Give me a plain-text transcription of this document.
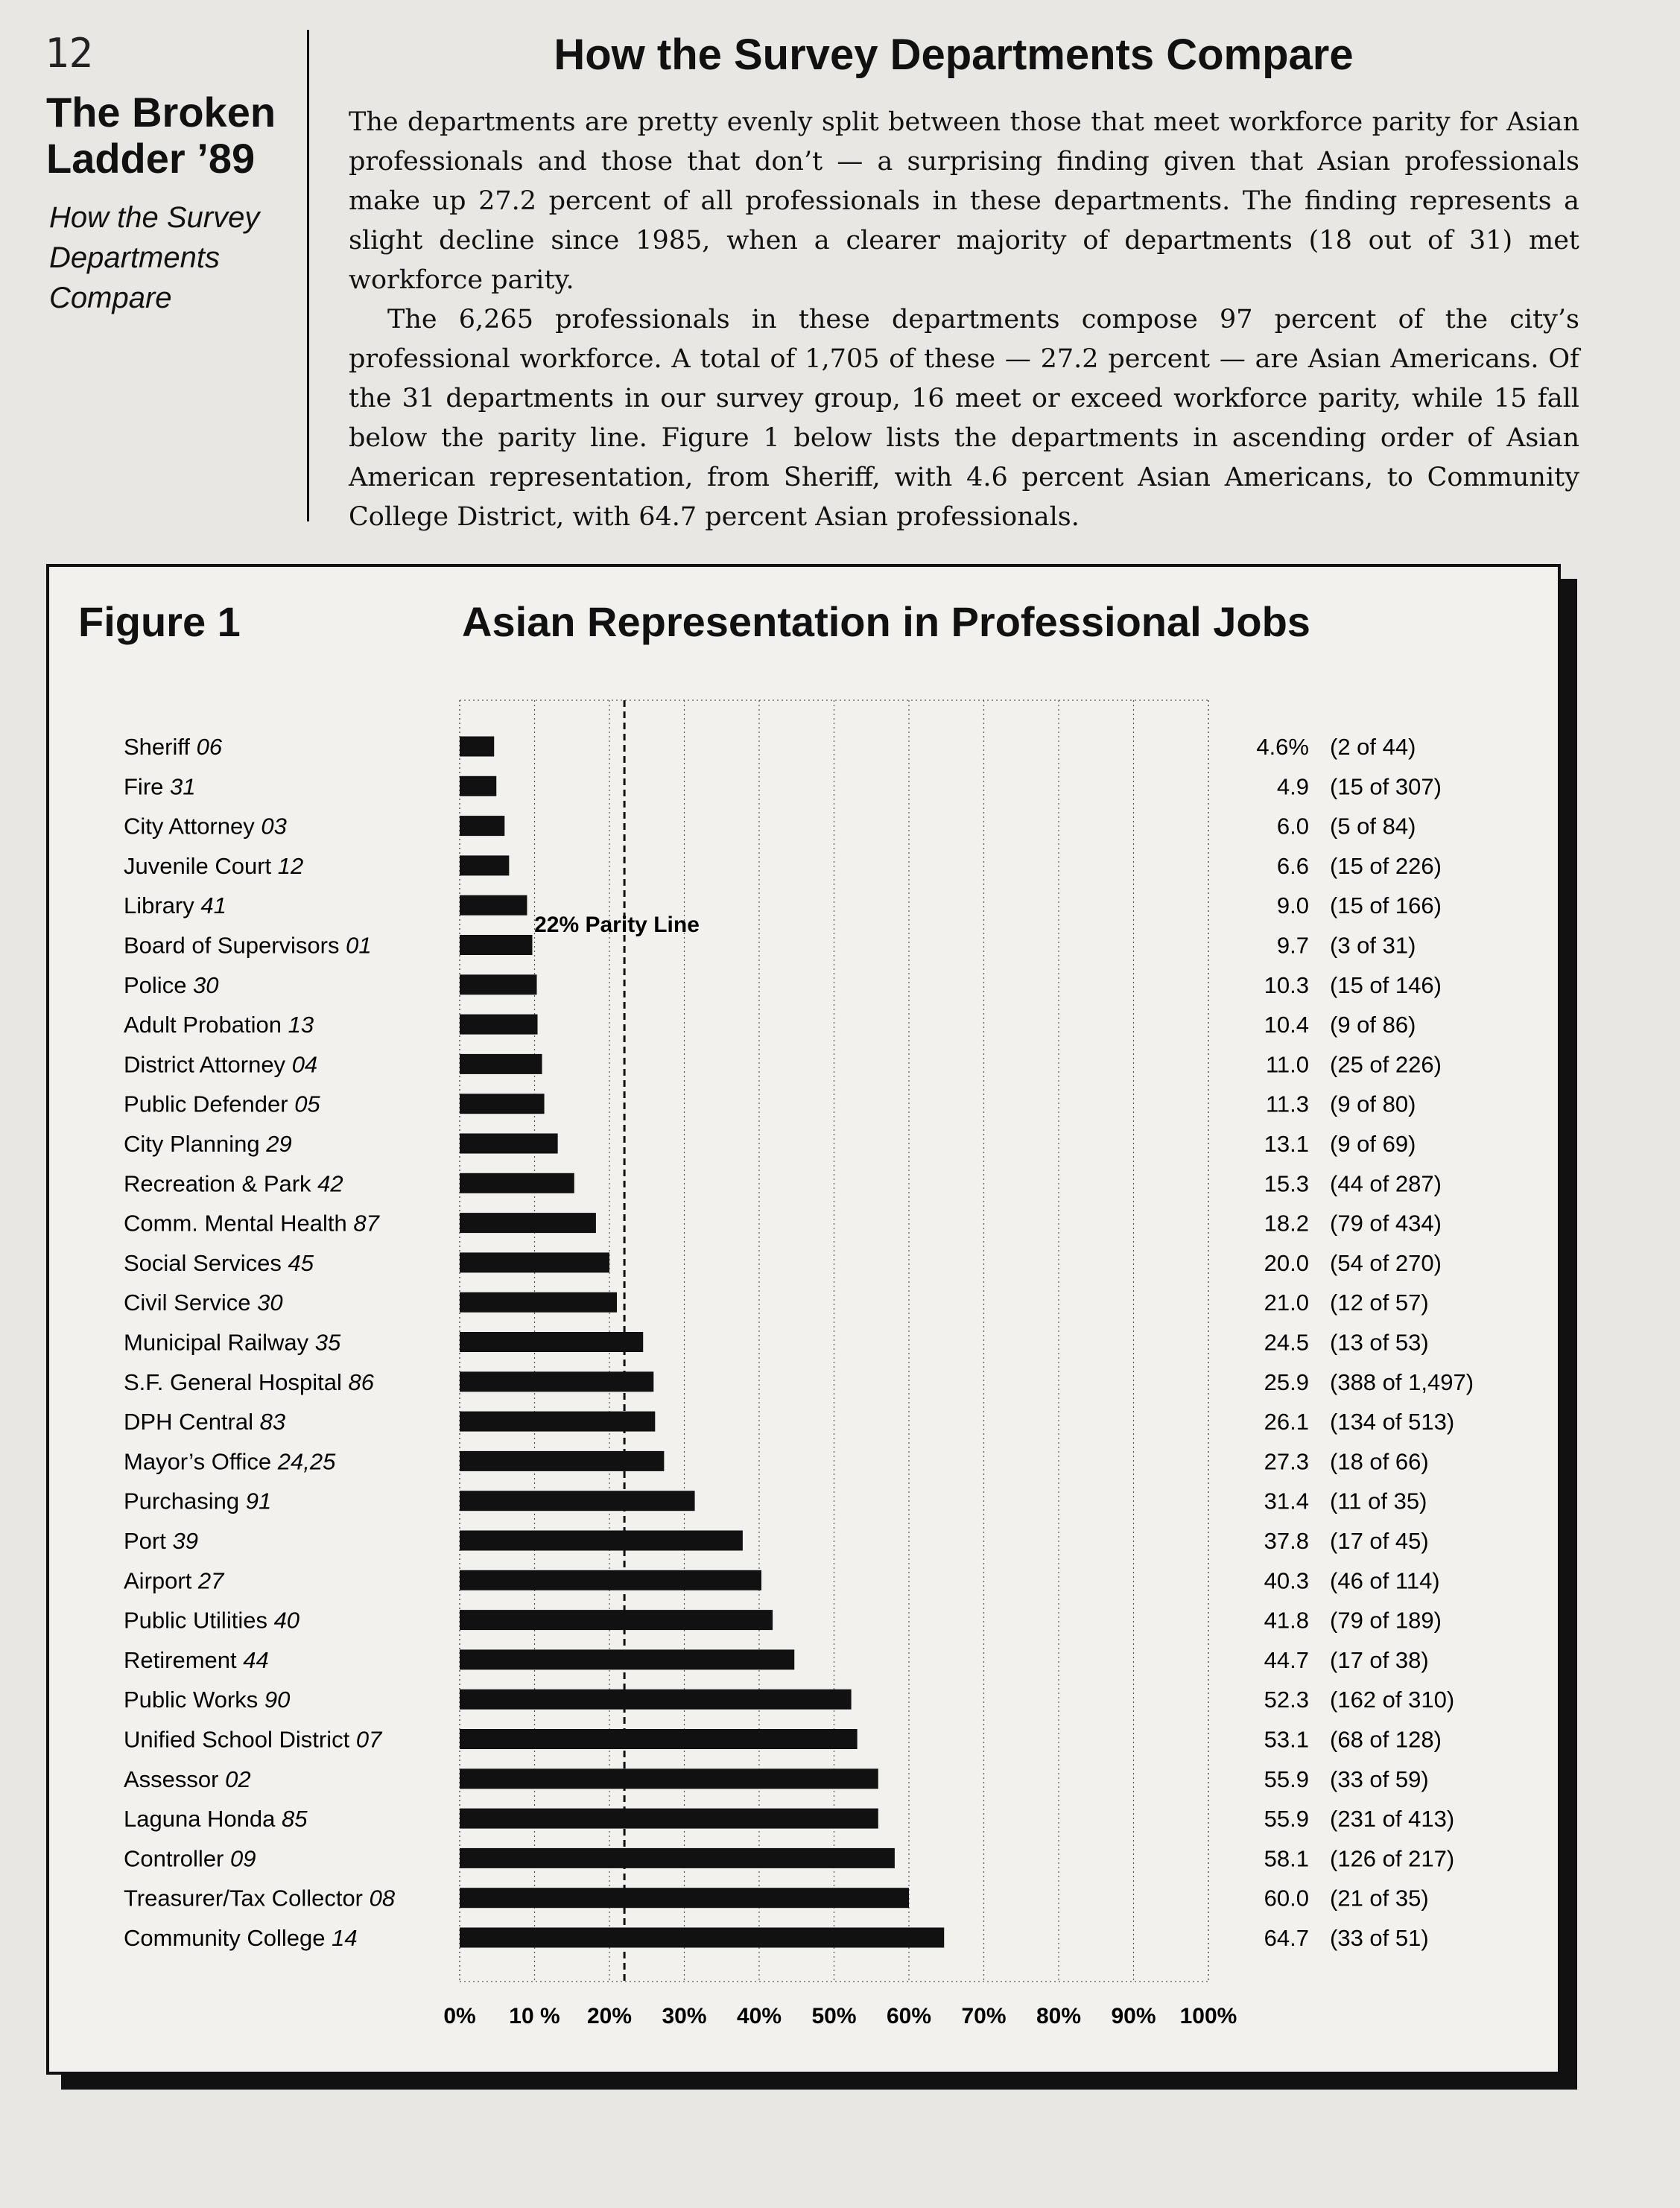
12
The Broken Ladder ’89
How the Survey Departments Compare
How the Survey Departments Compare

The departments are pretty evenly split between those that meet workforce parity for Asian professionals and those that don’t — a surprising finding given that Asian professionals make up 27.2 percent of all professionals in these departments. The finding represents a slight decline since 1985, when a clearer majority of departments (18 out of 31) met workforce parity.

The 6,265 professionals in these departments compose 97 percent of the city’s professional workforce. A total of 1,705 of these — 27.2 percent — are Asian Americans. Of the 31 departments in our survey group, 16 meet or exceed workforce parity, while 15 fall below the parity line. Figure 1 below lists the departments in ascending order of Asian American representation, from Sheriff, with 4.6 percent Asian Americans, to Community College District, with 64.7 percent Asian professionals.

Figure 1	Asian Representation in Professional Jobs
Sheriff 06
Fire 31
City Attorney 03
Juvenile Court 12
Library 41
Board of Supervisors 01
Police 30
Adult Probation 13
District Attorney 04
Public Defender 05
City Planning 29
Recreation & Park 42
Comm. Mental Health 87
Social Services 45
Civil Service 30
Municipal Railway 35
S.F. General Hospital 86
DPH Central 83
Mayor’s Office 24,25
Purchasing 91
Port 39
Airport 27
Public Utilities 40
Retirement 44
Public Works 90
Unified School District 07
Assessor 02
Laguna Honda 85
Controller 09
Treasurer/Tax Collector 08
Community College 14
4.6% (2 of 44)
4.9 (15 of 307)
6.0 (5 of 84)
6.6 (15 of 226)
9.0 (15 of 166)
9.7 (3 of 31)
10.3 (15 of 146)
10.4 (9 of 86)
11.0 (25 of 226)
11.3 (9 of 80)
13.1 (9 of 69)
15.3 (44 of 287)
18.2 (79 of 434)
20.0 (54 of 270)
21.0 (12 of 57)
24.5 (13 of 53)
25.9 (388 of 1,497)
26.1 (134 of 513)
27.3 (18 of 66)
31.4 (11 of 35)
37.8 (17 of 45)
40.3 (46 of 114)
41.8 (79 of 189)
44.7 (17 of 38)
52.3 (162 of 310)
53.1 (68 of 128)
55.9 (33 of 59)
55.9 (231 of 413)
58.1 (126 of 217)
60.0 (21 of 35)
64.7 (33 of 51)
0% 10 % 20% 30% 40% 50% 60% 70% 80% 90% 100%
22% Parity Line
